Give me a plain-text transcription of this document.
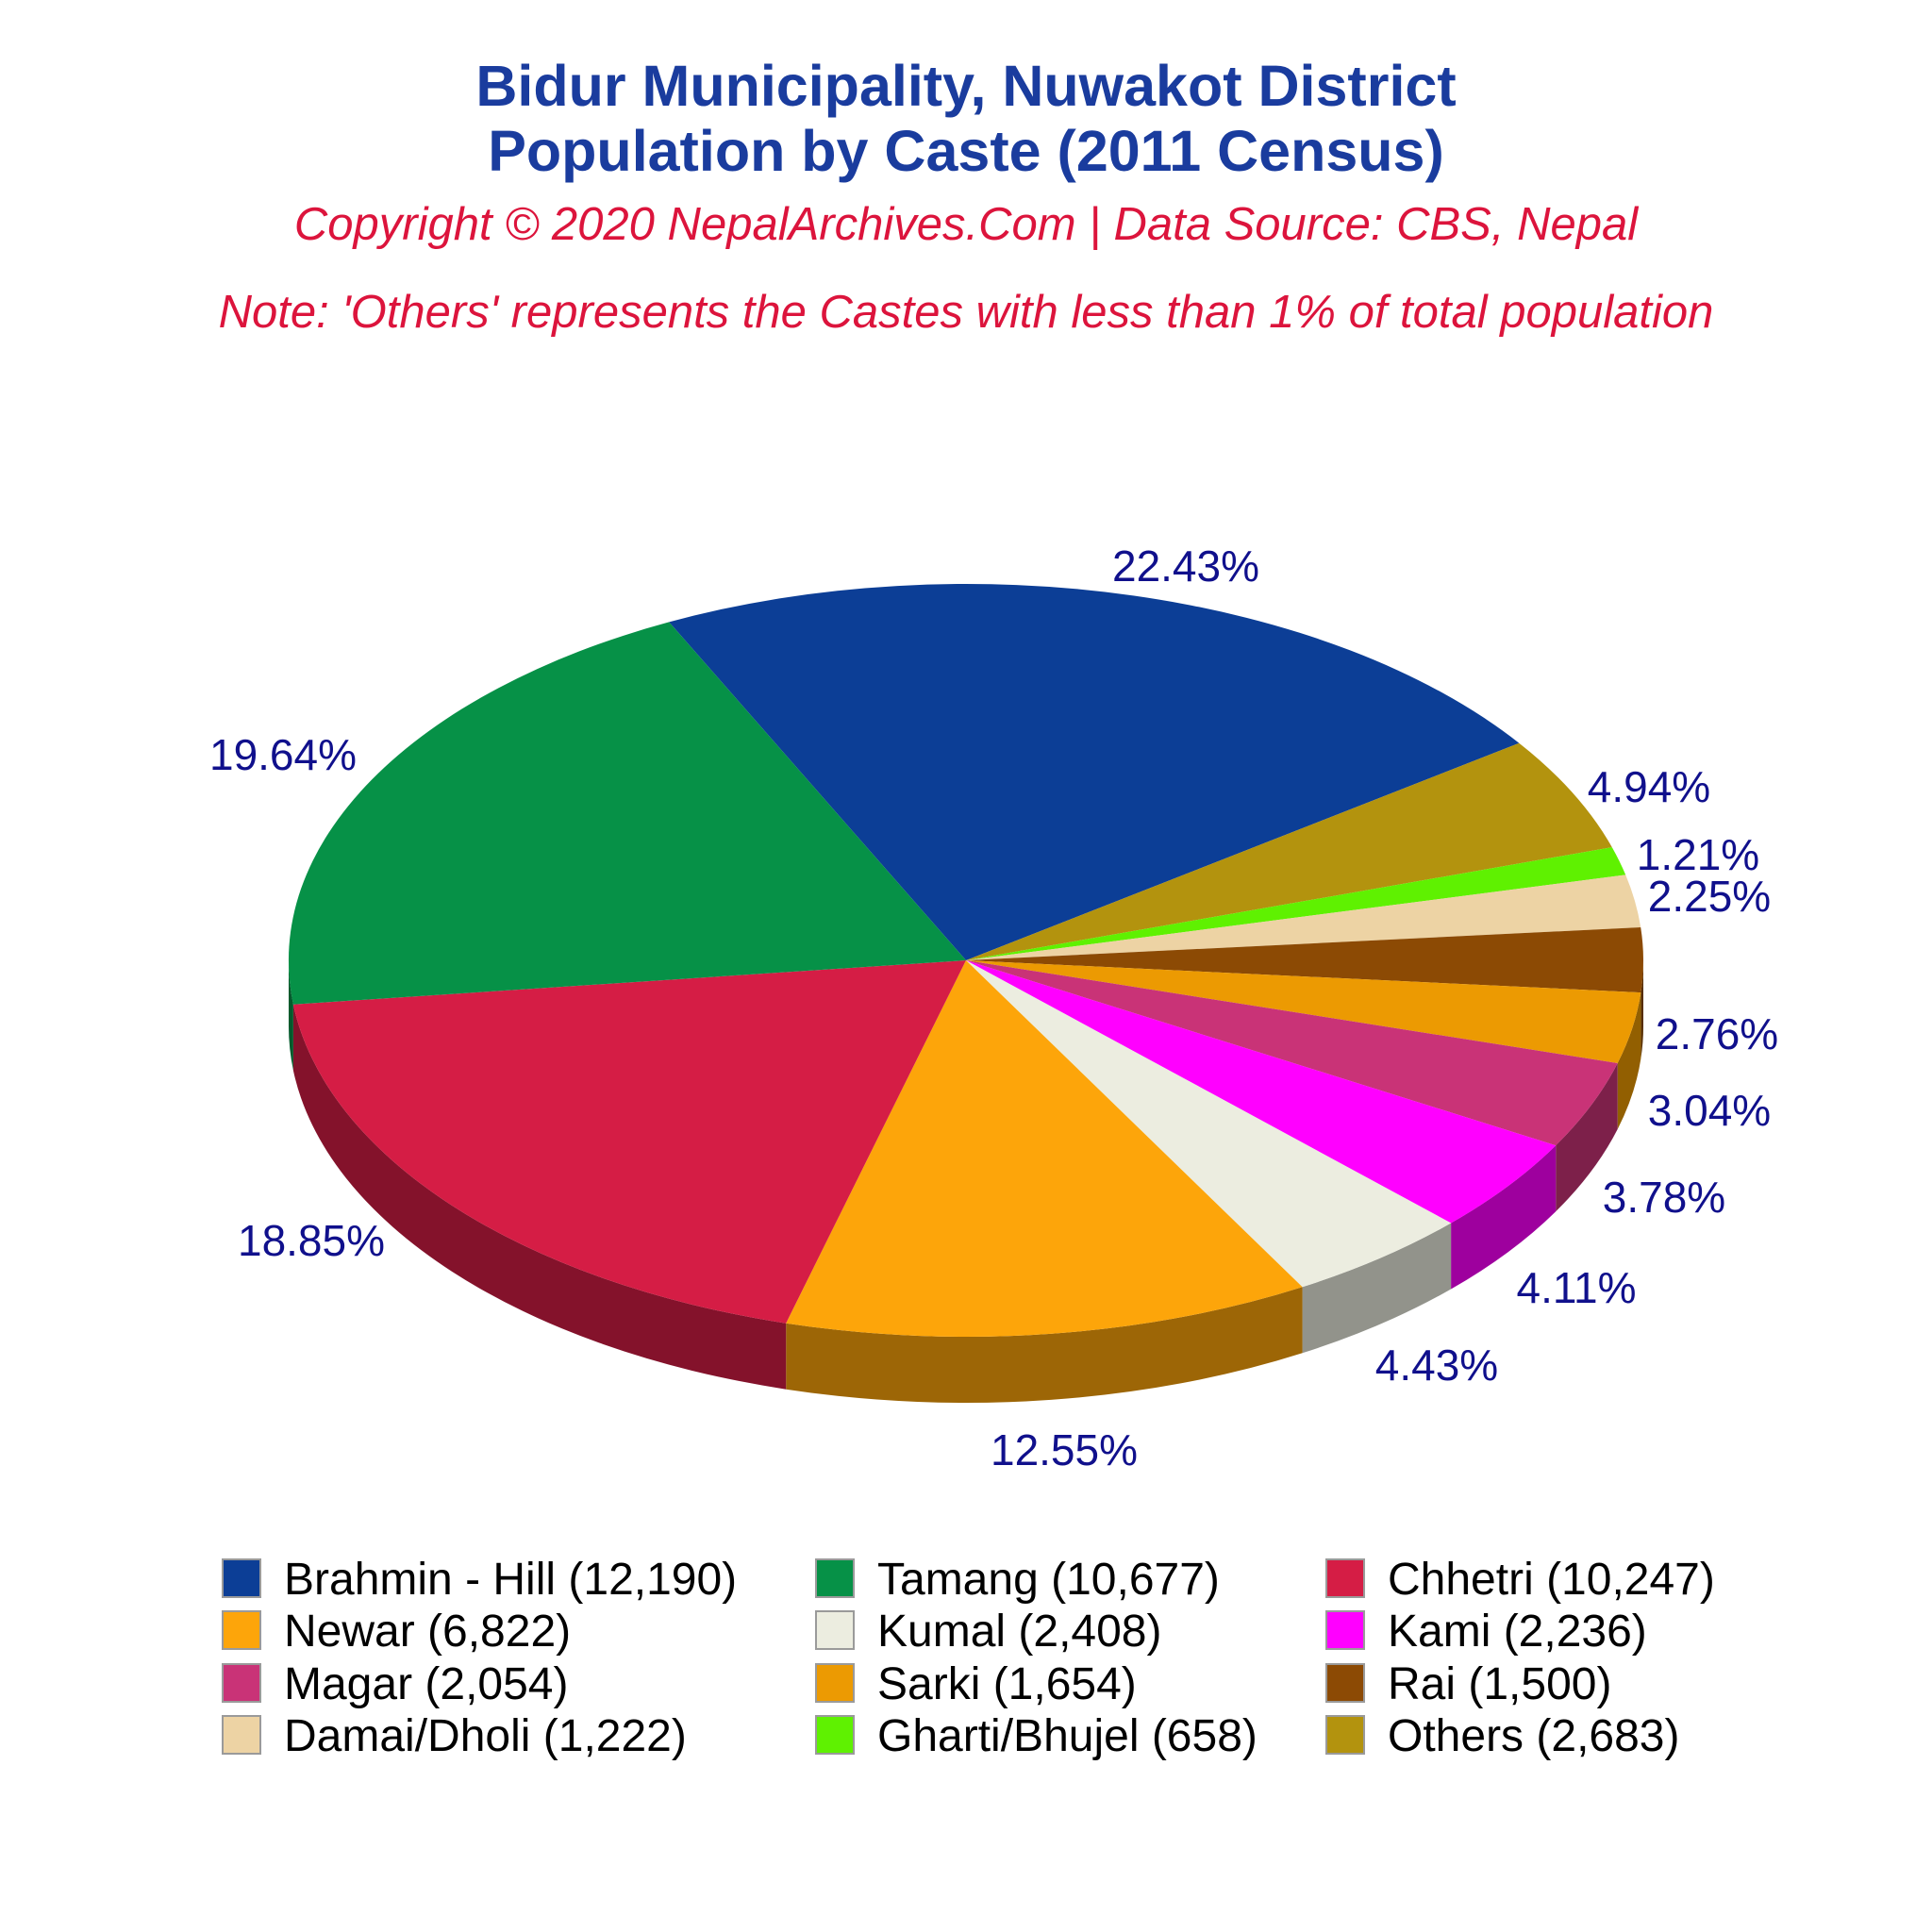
Bidur Municipality, Nuwakot District
Population by Caste (2011 Census)
Copyright © 2020 NepalArchives.Com | Data Source: CBS, Nepal
Note: 'Others' represents the Castes with less than 1% of total population
22.43%
4.94%
1.21%
2.25%
2.76%
3.04%
3.78%
4.11%
4.43%
12.55%
18.85%
19.64%
Brahmin - Hill (12,190)	Tamang (10,677)	Chhetri (10,247)
Newar (6,822)	Kumal (2,408)	Kami (2,236)
Magar (2,054)	Sarki (1,654)	Rai (1,500)
Damai/Dholi (1,222)	Gharti/Bhujel (658)	Others (2,683)
